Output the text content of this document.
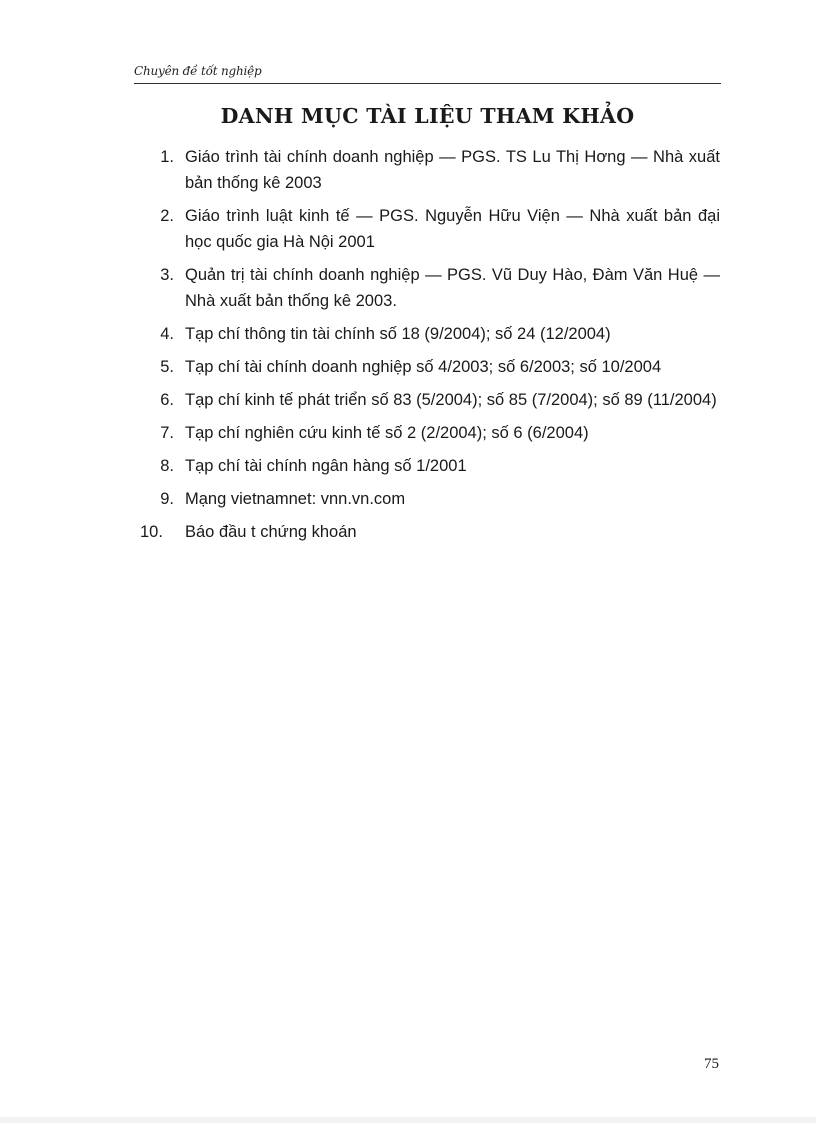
Chuyên đề tốt nghiệp
DANH MỤC TÀI LIỆU THAM KHẢO
1. Giáo trình tài chính doanh nghiệp — PGS. TS Lu Thị Hơng — Nhà xuất bản thống kê 2003
2. Giáo trình luật kinh tế — PGS. Nguyễn Hữu Viện — Nhà xuất bản đại học quốc gia Hà Nội 2001
3. Quản trị tài chính doanh nghiệp — PGS. Vũ Duy Hào, Đàm Văn Huệ — Nhà xuất bản thống kê 2003.
4. Tạp chí thông tin tài chính số 18 (9/2004); số 24 (12/2004)
5. Tạp chí tài chính doanh nghiệp số 4/2003; số 6/2003; số 10/2004
6. Tạp chí kinh tế phát triển số 83 (5/2004); số 85 (7/2004); số 89 (11/2004)
7. Tạp chí nghiên cứu kinh tế số 2 (2/2004); số 6 (6/2004)
8. Tạp chí tài chính ngân hàng số 1/2001
9. Mạng vietnamnet: vnn.vn.com
10.	Báo đầu t chứng khoán
75
